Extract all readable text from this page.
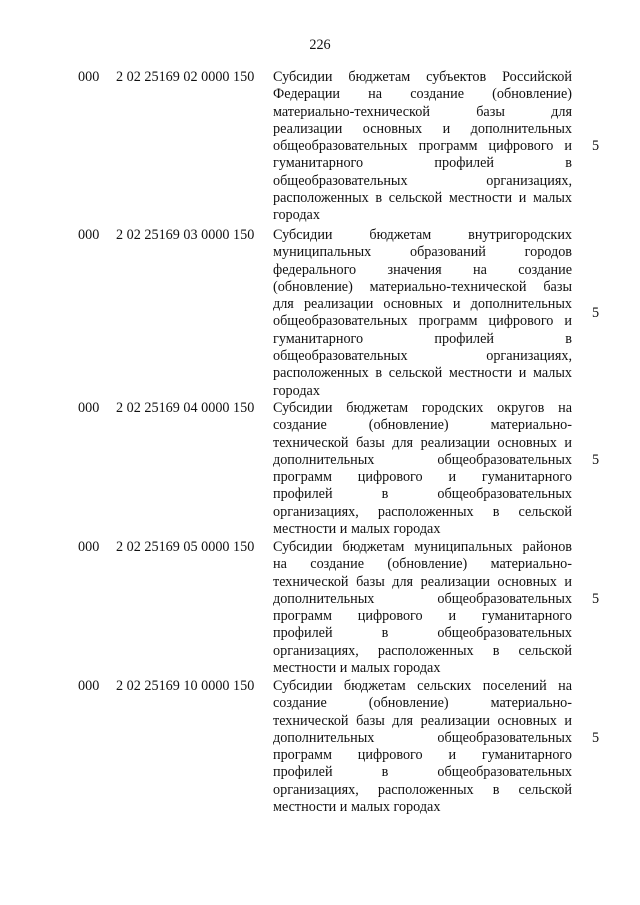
226
000 2 02 25169 02 0000 150 Субсидии бюджетам субъектов Российской
Федерации на создание (обновление)
материально-технической базы для
реализации основных и дополнительных
общеобразовательных программ цифрового и
гуманитарного профилей в
общеобразовательных организациях,
расположенных в сельской местности и малых
городах
5
000 2 02 25169 03 0000 150 Субсидии бюджетам внутригородских
муниципальных образований городов
федерального значения на создание
(обновление) материально-технической базы
для реализации основных и дополнительных
общеобразовательных программ цифрового и
гуманитарного профилей в
общеобразовательных организациях,
расположенных в сельской местности и малых
городах
5
000 2 02 25169 04 0000 150 Субсидии бюджетам городских округов на
создание (обновление) материально-
технической базы для реализации основных и
дополнительных общеобразовательных
программ цифрового и гуманитарного
профилей в общеобразовательных
организациях, расположенных в сельской
местности и малых городах
5
000 2 02 25169 05 0000 150 Субсидии бюджетам муниципальных районов
на создание (обновление) материально-
технической базы для реализации основных и
дополнительных общеобразовательных
программ цифрового и гуманитарного
профилей в общеобразовательных
организациях, расположенных в сельской
местности и малых городах
5
000 2 02 25169 10 0000 150 Субсидии бюджетам сельских поселений на
создание (обновление) материально-
технической базы для реализации основных и
дополнительных общеобразовательных
программ цифрового и гуманитарного
профилей в общеобразовательных
организациях, расположенных в сельской
местности и малых городах
5
